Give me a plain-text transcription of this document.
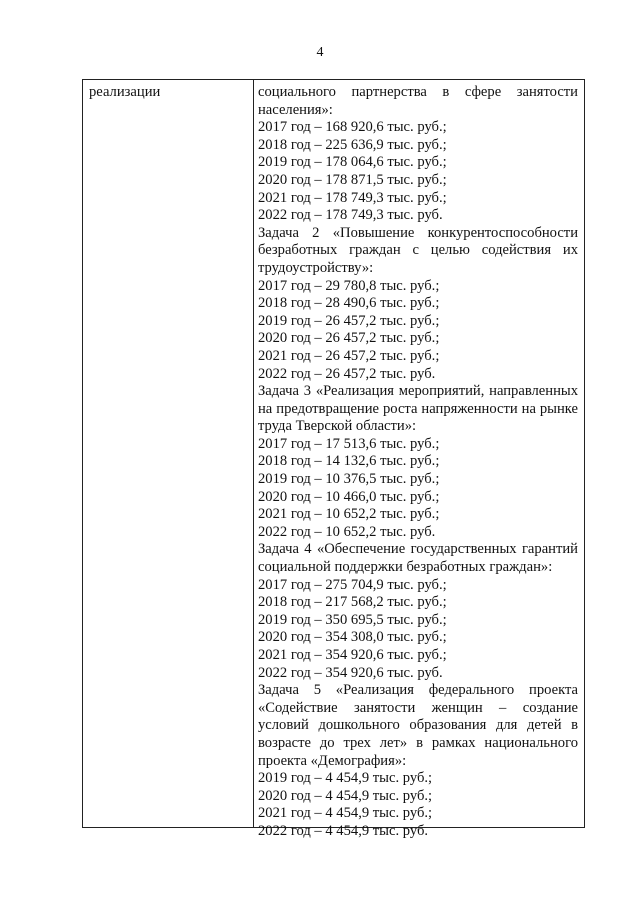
4
реализации	социального партнерства в сфере занятости
населения»:
2017 год – 168 920,6 тыс. руб.;
2018 год – 225 636,9 тыс. руб.;
2019 год – 178 064,6 тыс. руб.;
2020 год – 178 871,5 тыс. руб.;
2021 год – 178 749,3 тыс. руб.;
2022 год – 178 749,3 тыс. руб.
Задача 2 «Повышение конкурентоспособности
безработных граждан с целью содействия их
трудоустройству»:
2017 год – 29 780,8 тыс. руб.;
2018 год – 28 490,6 тыс. руб.;
2019 год – 26 457,2 тыс. руб.;
2020 год – 26 457,2 тыс. руб.;
2021 год – 26 457,2 тыс. руб.;
2022 год – 26 457,2 тыс. руб.
Задача 3 «Реализация мероприятий, направленных
на предотвращение роста напряженности на рынке
труда Тверской области»:
2017 год – 17 513,6 тыс. руб.;
2018 год – 14 132,6 тыс. руб.;
2019 год – 10 376,5 тыс. руб.;
2020 год – 10 466,0 тыс. руб.;
2021 год – 10 652,2 тыс. руб.;
2022 год – 10 652,2 тыс. руб.
Задача 4 «Обеспечение государственных гарантий
социальной поддержки безработных граждан»:
2017 год – 275 704,9 тыс. руб.;
2018 год – 217 568,2 тыс. руб.;
2019 год – 350 695,5 тыс. руб.;
2020 год – 354 308,0 тыс. руб.;
2021 год – 354 920,6 тыс. руб.;
2022 год – 354 920,6 тыс. руб.
Задача 5 «Реализация федерального проекта
«Содействие занятости женщин – создание
условий дошкольного образования для детей в
возрасте до трех лет» в рамках национального
проекта «Демография»:
2019 год – 4 454,9 тыс. руб.;
2020 год – 4 454,9 тыс. руб.;
2021 год – 4 454,9 тыс. руб.;
2022 год – 4 454,9 тыс. руб.
